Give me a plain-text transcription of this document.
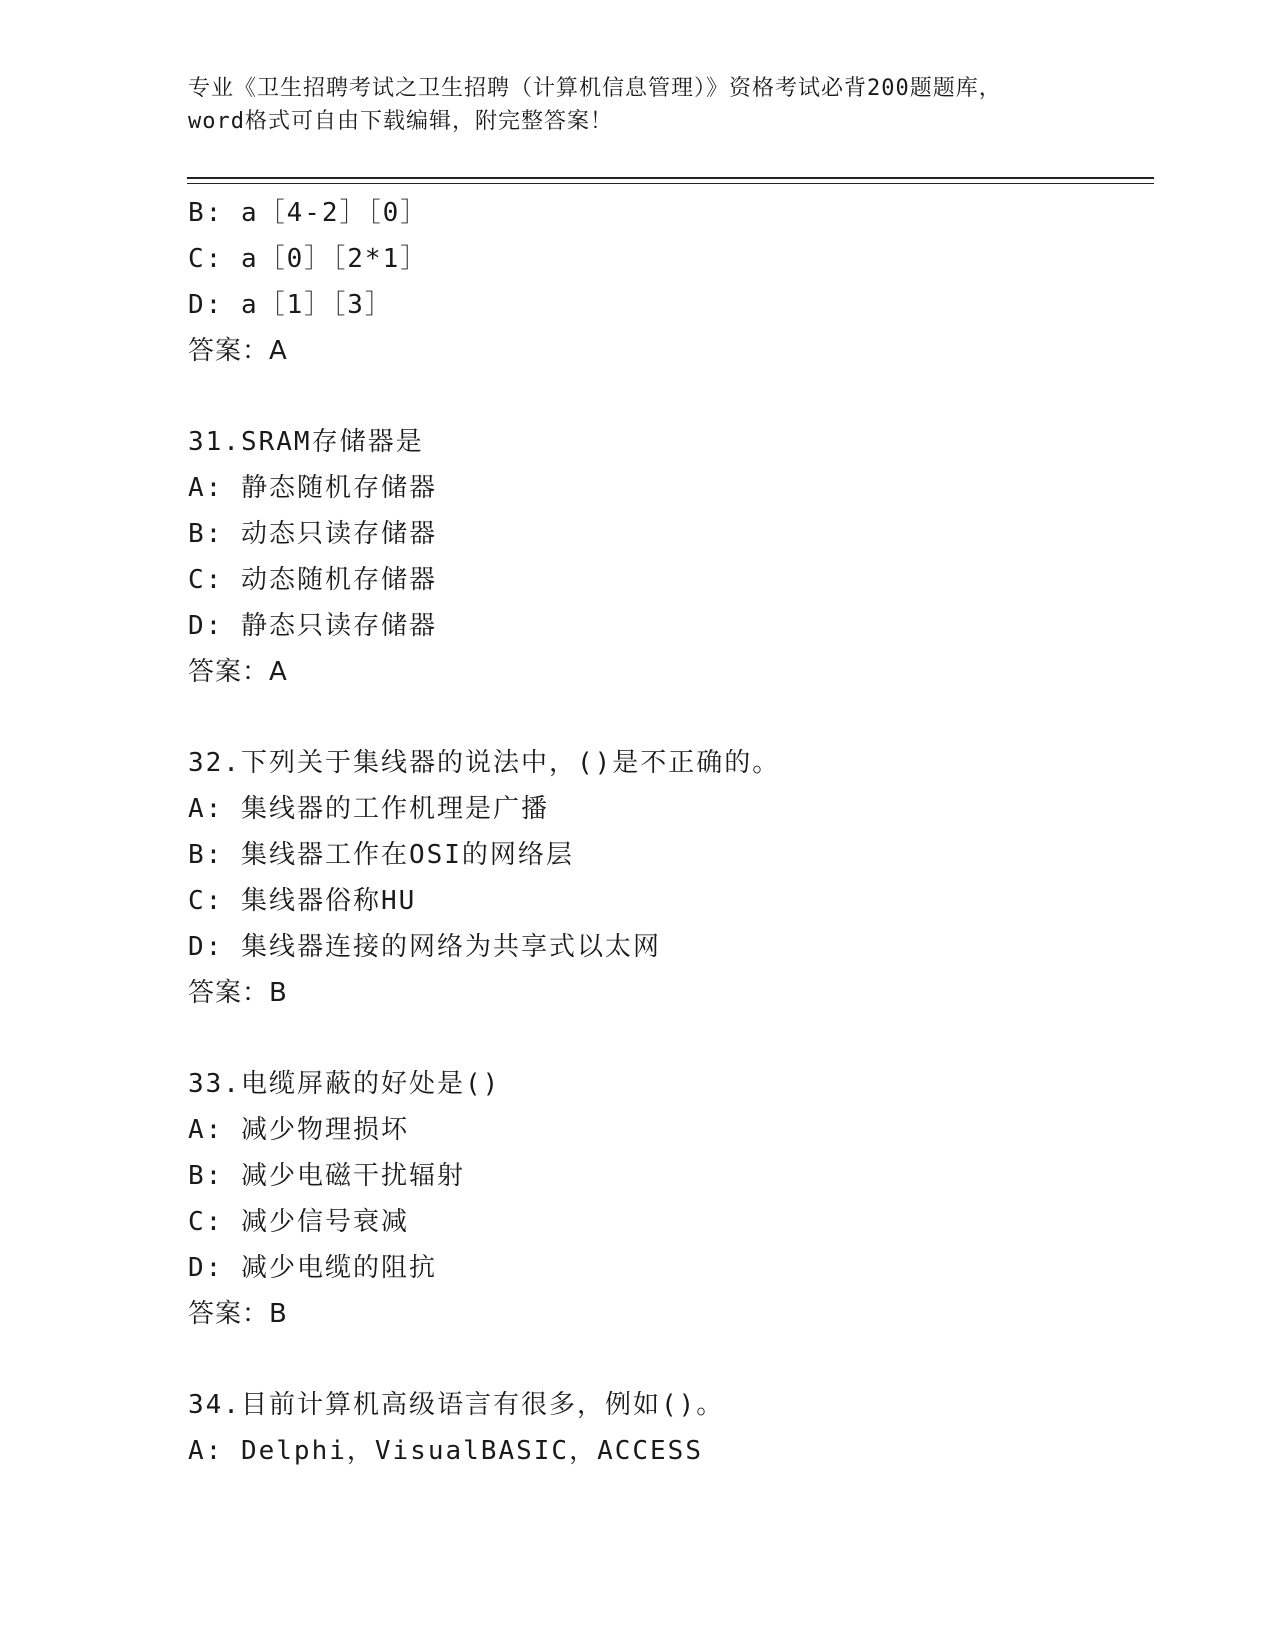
专业《卫生招聘考试之卫生招聘（计算机信息管理）》资格考试必背200题题库，
word格式可自由下载编辑，附完整答案！
B: a［4-2］［0］
C: a［0］［2*1］
D: a［1］［3］
答案：A
31.SRAM存储器是
A: 静态随机存储器
B: 动态只读存储器
C: 动态随机存储器
D: 静态只读存储器
答案：A
32.下列关于集线器的说法中，()是不正确的。
A: 集线器的工作机理是广播
B: 集线器工作在OSI的网络层
C: 集线器俗称HU
D: 集线器连接的网络为共享式以太网
答案：B
33.电缆屏蔽的好处是()
A: 减少物理损坏
B: 减少电磁干扰辐射
C: 减少信号衰减
D: 减少电缆的阻抗
答案：B
34.目前计算机高级语言有很多，例如()。
A: Delphi，VisualBASIC，ACCESS
